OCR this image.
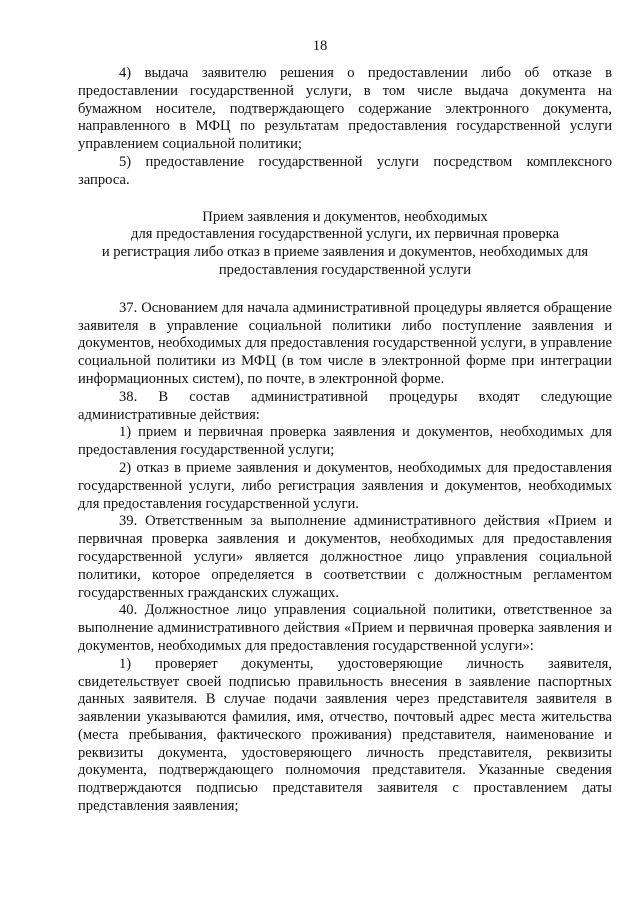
18

4) выдача заявителю решения о предоставлении либо об отказе в предоставлении государственной услуги, в том числе выдача документа на бумажном носителе, подтверждающего содержание электронного документа, направленного в МФЦ по результатам предоставления государственной услуги управлением социальной политики;

5) предоставление государственной услуги посредством комплексного запроса.

Прием заявления и документов, необходимых
для предоставления государственной услуги, их первичная проверка
и регистрация либо отказ в приеме заявления и документов, необходимых для
предоставления государственной услуги

37. Основанием для начала административной процедуры является обращение заявителя в управление социальной политики либо поступление заявления и документов, необходимых для предоставления государственной услуги, в управление социальной политики из МФЦ (в том числе в электронной форме при интеграции информационных систем), по почте, в электронной форме.

38. В состав административной процедуры входят следующие административные действия:

1) прием и первичная проверка заявления и документов, необходимых для предоставления государственной услуги;

2) отказ в приеме заявления и документов, необходимых для предоставления государственной услуги, либо регистрация заявления и документов, необходимых для предоставления государственной услуги.

39. Ответственным за выполнение административного действия «Прием и первичная проверка заявления и документов, необходимых для предоставления государственной услуги» является должностное лицо управления социальной политики, которое определяется в соответствии с должностным регламентом государственных гражданских служащих.

40. Должностное лицо управления социальной политики, ответственное за выполнение административного действия «Прием и первичная проверка заявления и документов, необходимых для предоставления государственной услуги»:

1) проверяет документы, удостоверяющие личность заявителя, свидетельствует своей подписью правильность внесения в заявление паспортных данных заявителя. В случае подачи заявления через представителя заявителя в заявлении указываются фамилия, имя, отчество, почтовый адрес места жительства (места пребывания, фактического проживания) представителя, наименование и реквизиты документа, удостоверяющего личность представителя, реквизиты документа, подтверждающего полномочия представителя. Указанные сведения подтверждаются подписью представителя заявителя с проставлением даты представления заявления;
